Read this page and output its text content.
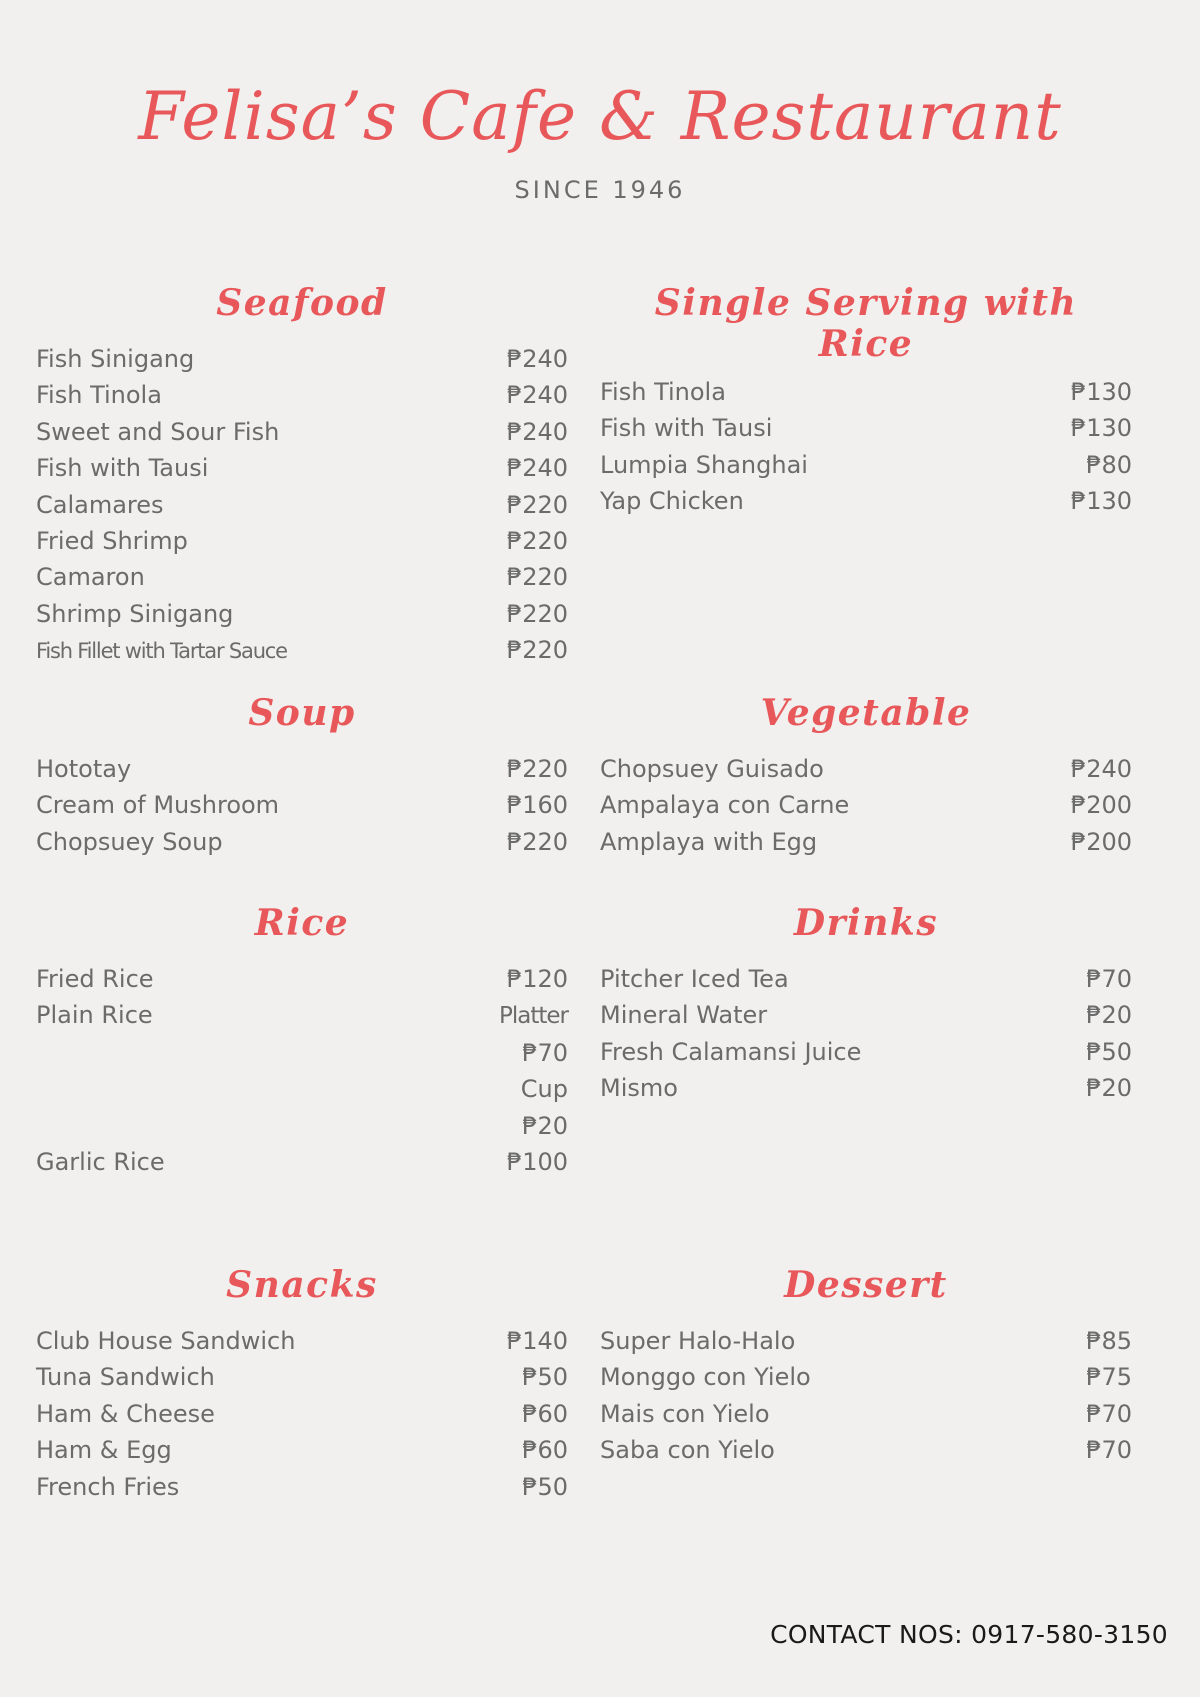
Felisa’s Cafe & Restaurant
SINCE 1946
Seafood
Fish Sinigang	₱240
Fish Tinola	₱240
Sweet and Sour Fish	₱240
Fish with Tausi	₱240
Calamares	₱220
Fried Shrimp	₱220
Camaron	₱220
Shrimp Sinigang	₱220
Fish Fillet with Tartar Sauce	₱220
Single Serving with
Rice
Fish Tinola	₱130
Fish with Tausi	₱130
Lumpia Shanghai	₱80
Yap Chicken	₱130
Soup
Hototay	₱220
Cream of Mushroom	₱160
Chopsuey Soup	₱220
Vegetable
Chopsuey Guisado	₱240
Ampalaya con Carne	₱200
Amplaya with Egg	₱200
Rice
Fried Rice	₱120
Plain Rice	Platter
₱70
Cup
₱20
Garlic Rice	₱100
Drinks
Pitcher Iced Tea	₱70
Mineral Water	₱20
Fresh Calamansi Juice	₱50
Mismo	₱20
Snacks
Club House Sandwich	₱140
Tuna Sandwich	₱50
Ham & Cheese	₱60
Ham & Egg	₱60
French Fries	₱50
Dessert
Super Halo-Halo	₱85
Monggo con Yielo	₱75
Mais con Yielo	₱70
Saba con Yielo	₱70
CONTACT NOS: 0917-580-3150
